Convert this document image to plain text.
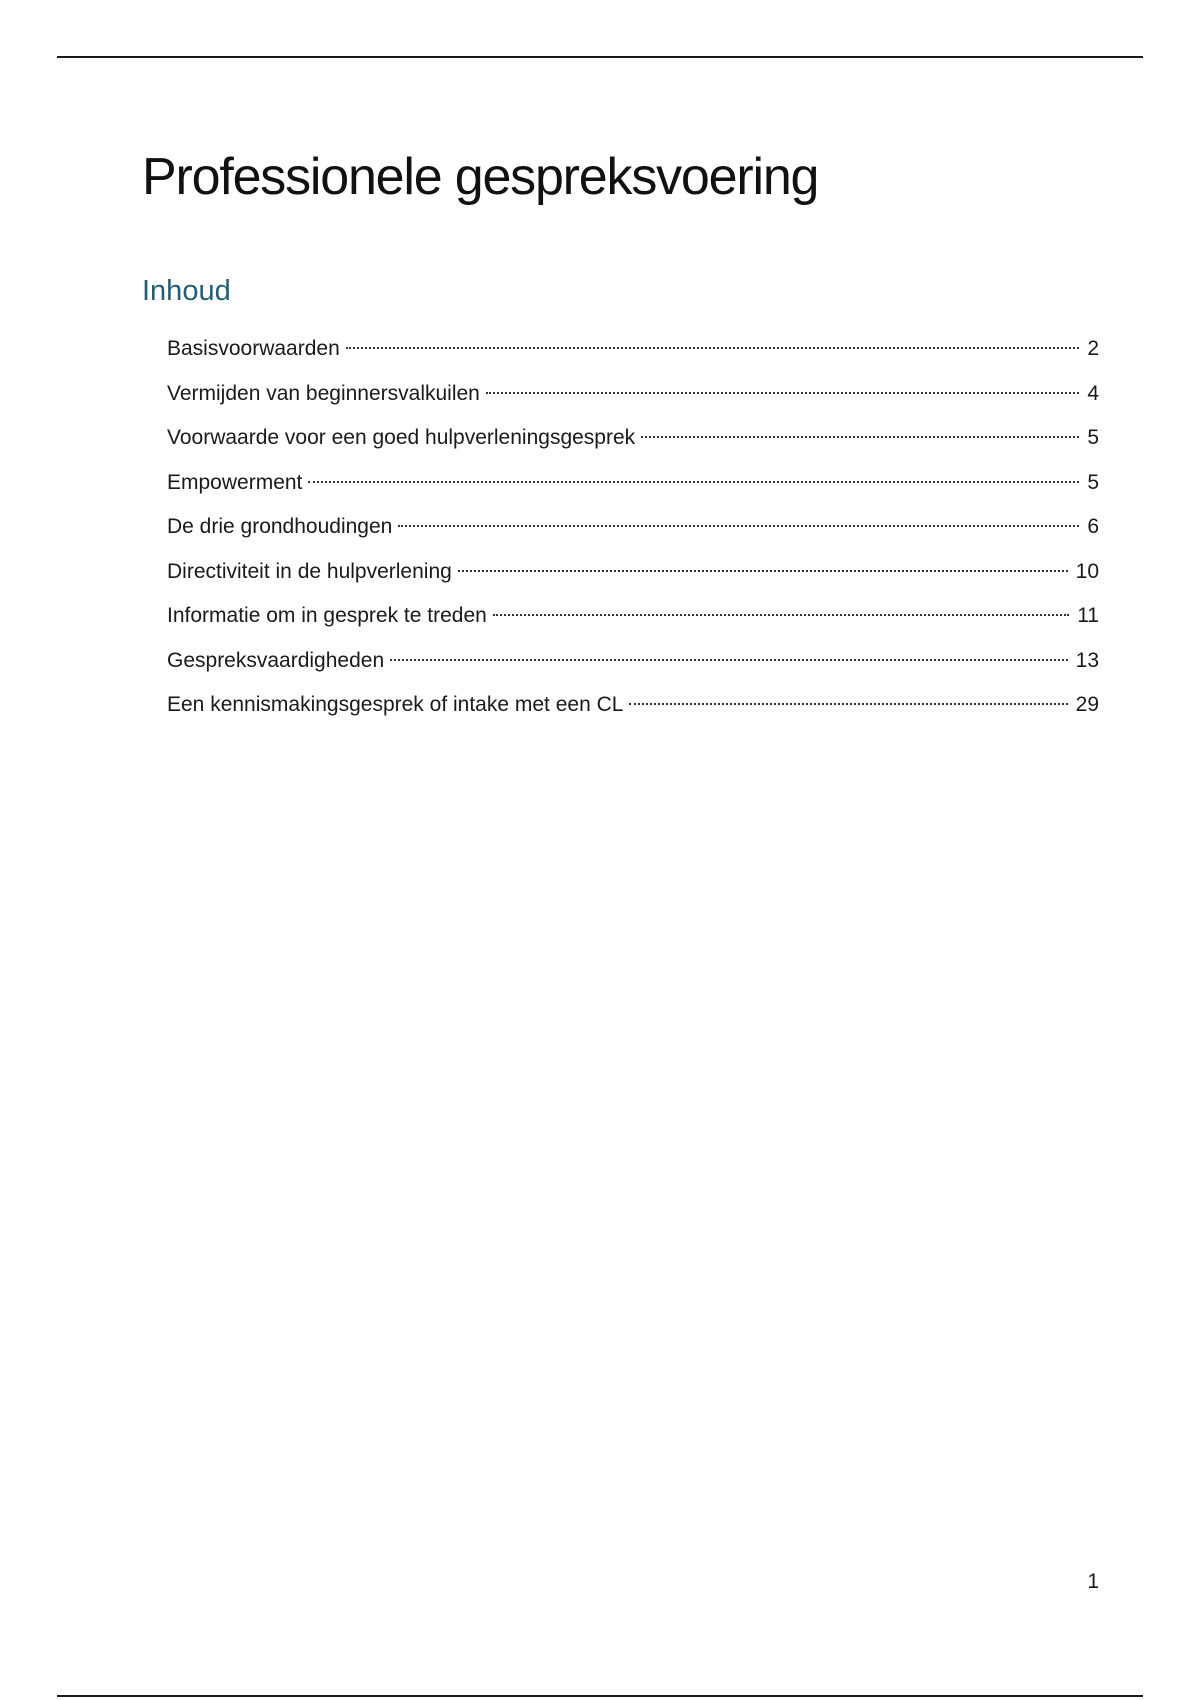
Professionele gespreksvoering
Inhoud
Basisvoorwaarden	2
Vermijden van beginnersvalkuilen	4
Voorwaarde voor een goed hulpverleningsgesprek	5
Empowerment	5
De drie grondhoudingen	6
Directiviteit in de hulpverlening	10
Informatie om in gesprek te treden	11
Gespreksvaardigheden	13
Een kennismakingsgesprek of intake met een CL	29
1
